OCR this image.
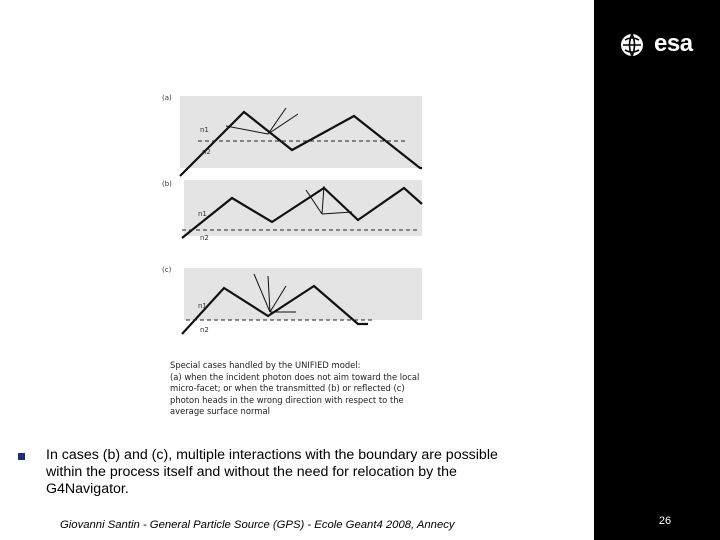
esa
(a)
n1
n2
(b)
n1
n2
(c)
n1
n2
Special cases handled by the UNIFIED model:
(a) when the incident photon does not aim toward the local
micro-facet; or when the transmitted (b) or reflected (c)
photon heads in the wrong direction with respect to the
average surface normal
In cases (b) and (c), multiple interactions with the boundary are possible
within the process itself and without the need for relocation by the
G4Navigator.
Giovanni Santin - General Particle Source (GPS) - Ecole Geant4 2008, Annecy	26
